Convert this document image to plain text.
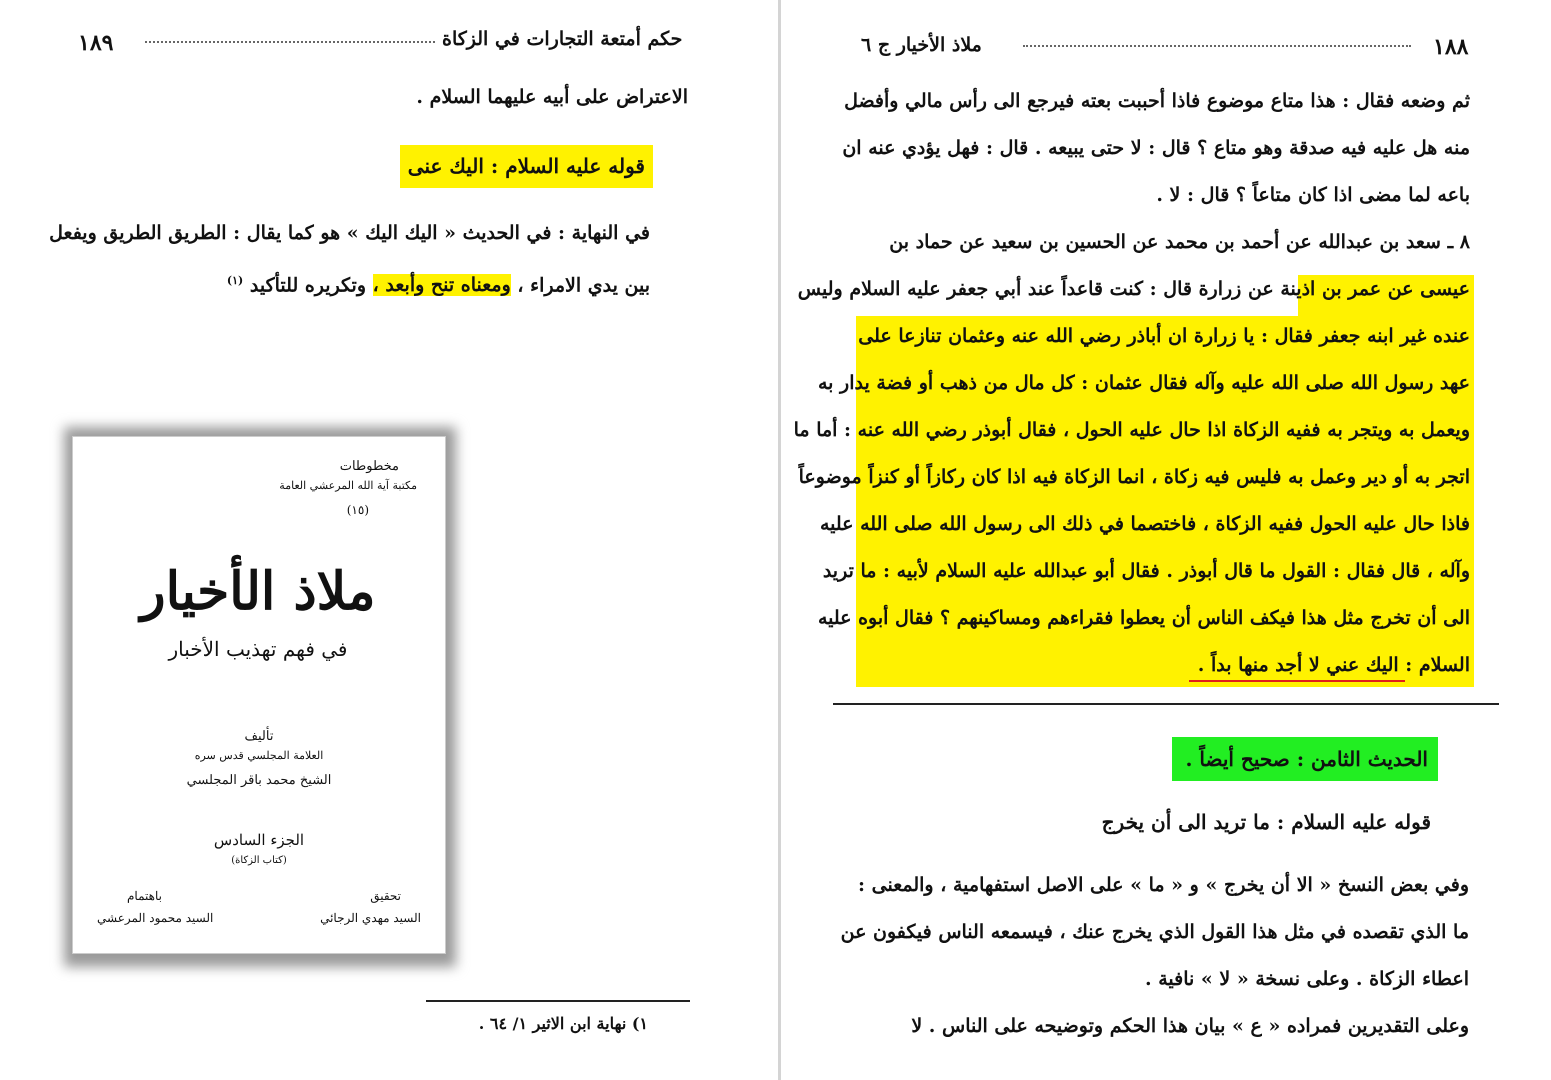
١٨٩	حكم أمتعة التجارات في الزكاة
الاعتراض على أبيه عليهما السلام .
قوله عليه السلام : اليك عنى
في النهاية : في الحديث « اليك اليك » هو كما يقال : الطريق الطريق ويفعل
بين يدي الامراء ، ومعناه تنح وأبعد ، وتكريره للتأكيد $^{(١)}$
مخطوطات
مكتبة آية الله المرعشي العامة
(١٥)
ملاذ الأخيار
في فهم تهذيب الأخبار
تأليف
العلامة المجلسي قدس سره
الشيخ محمد باقر المجلسي
الجزء السادس
(كتاب الزكاة)
تحقيق
السيد مهدي الرجائي
باهتمام
السيد محمود المرعشي
١) نهاية ابن الاثير ١/ ٦٤ .
ملاذ الأخيار ج ٦	١٨٨
ثم وضعه فقال : هذا متاع موضوع فاذا أحببت بعته فيرجع الى رأس مالي وأفضل
منه هل عليه فيه صدقة وهو متاع ؟ قال : لا حتى يبيعه . قال : فهل يؤدي عنه ان
باعه لما مضى اذا كان متاعاً ؟ قال : لا .
٨ ـ سعد بن عبدالله عن أحمد بن محمد عن الحسين بن سعيد عن حماد بن
عيسى عن عمر بن اذينة عن زرارة قال : كنت قاعداً عند أبي جعفر عليه السلام وليس
عنده غير ابنه جعفر فقال : يا زرارة ان أباذر رضي الله عنه وعثمان تنازعا على
عهد رسول الله صلى الله عليه وآله فقال عثمان : كل مال من ذهب أو فضة يدار به
ويعمل به ويتجر به ففيه الزكاة اذا حال عليه الحول ، فقال أبوذر رضي الله عنه : أما ما
اتجر به أو دير وعمل به فليس فيه زكاة ، انما الزكاة فيه اذا كان ركازاً أو كنزاً موضوعاً
فاذا حال عليه الحول ففيه الزكاة ، فاختصما في ذلك الى رسول الله صلى الله عليه
وآله ، قال فقال : القول ما قال أبوذر . فقال أبو عبدالله عليه السلام لأبيه : ما تريد
الى أن تخرج مثل هذا فيكف الناس أن يعطوا فقراءهم ومساكينهم ؟ فقال أبوه عليه
السلام : اليك عني لا أجد منها بداً .
الحديث الثامن : صحيح أيضاً .
قوله عليه السلام : ما تريد الى أن يخرج
وفي بعض النسخ « الا أن يخرج » و « ما » على الاصل استفهامية ، والمعنى :
ما الذي تقصده في مثل هذا القول الذي يخرج عنك ، فيسمعه الناس فيكفون عن
اعطاء الزكاة . وعلى نسخة « لا » نافية .
وعلى التقديرين فمراده « ع » بيان هذا الحكم وتوضيحه على الناس . لا
